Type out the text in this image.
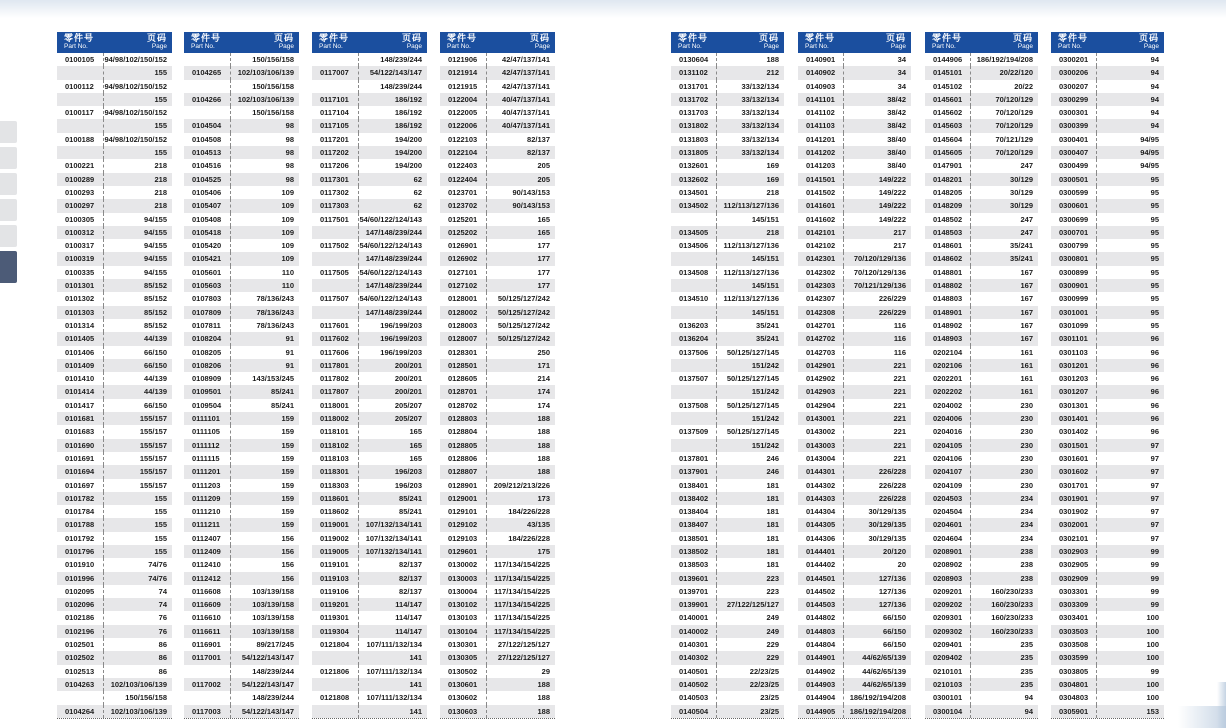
零件号
Part No.
页码
Page
0100105	94/98/102/150/152
155
0100112	94/98/102/150/152
155
0100117	94/98/102/150/152
155
0100188	94/98/102/150/152
155
0100221	218
0100289	218
0100293	218
0100297	218
0100305	94/155
0100312	94/155
0100317	94/155
0100319	94/155
0100335	94/155
0101301	85/152
0101302	85/152
0101303	85/152
0101314	85/152
0101405	44/139
0101406	66/150
0101409	66/150
0101410	44/139
0101414	44/139
0101417	66/150
0101681	155/157
0101683	155/157
0101690	155/157
0101691	155/157
0101694	155/157
0101697	155/157
0101782	155
0101784	155
0101788	155
0101792	155
0101796	155
0101910	74/76
0101996	74/76
0102095	74
0102096	74
0102186	76
0102196	76
0102501	86
0102502	86
0102513	86
0104263	102/103/106/139
150/156/158
0104264	102/103/106/139
零件号
Part No.
页码
Page
150/156/158
0104265	102/103/106/139
150/156/158
0104266	102/103/106/139
150/156/158
0104504	98
0104508	98
0104513	98
0104516	98
0104525	98
0105406	109
0105407	109
0105408	109
0105418	109
0105420	109
0105421	109
0105601	110
0105603	110
0107803	78/136/243
0107809	78/136/243
0107811	78/136/243
0108204	91
0108205	91
0108206	91
0108909	143/153/245
0109501	85/241
0109504	85/241
0111101	159
0111105	159
0111112	159
0111115	159
0111201	159
0111203	159
0111209	159
0111210	159
0111211	159
0112407	156
0112409	156
0112410	156
0112412	156
0116608	103/139/158
0116609	103/139/158
0116610	103/139/158
0116611	103/139/158
0116901	89/217/245
0117001	54/122/143/147
148/239/244
0117002	54/122/143/147
148/239/244
0117003	54/122/143/147
零件号
Part No.
页码
Page
148/239/244
0117007	54/122/143/147
148/239/244
0117101	186/192
0117104	186/192
0117105	186/192
0117201	194/200
0117202	194/200
0117206	194/200
0117301	62
0117302	62
0117303	62
0117501	54/60/122/124/143
147/148/239/244
0117502	54/60/122/124/143
147/148/239/244
0117505	54/60/122/124/143
147/148/239/244
0117507	54/60/122/124/143
147/148/239/244
0117601	196/199/203
0117602	196/199/203
0117606	196/199/203
0117801	200/201
0117802	200/201
0117807	200/201
0118001	205/207
0118002	205/207
0118101	165
0118102	165
0118103	165
0118301	196/203
0118303	196/203
0118601	85/241
0118602	85/241
0119001	107/132/134/141
0119002	107/132/134/141
0119005	107/132/134/141
0119101	82/137
0119103	82/137
0119106	82/137
0119201	114/147
0119301	114/147
0119304	114/147
0121804	107/111/132/134
141
0121806	107/111/132/134
141
0121808	107/111/132/134
141
零件号
Part No.
页码
Page
0121906	42/47/137/141
0121914	42/47/137/141
0121915	42/47/137/141
0122004	40/47/137/141
0122005	40/47/137/141
0122006	40/47/137/141
0122103	82/137
0122104	82/137
0122403	205
0122404	205
0123701	90/143/153
0123702	90/143/153
0125201	165
0125202	165
0126901	177
0126902	177
0127101	177
0127102	177
0128001	50/125/127/242
0128002	50/125/127/242
0128003	50/125/127/242
0128007	50/125/127/242
0128301	250
0128501	171
0128605	214
0128701	174
0128702	174
0128803	188
0128804	188
0128805	188
0128806	188
0128807	188
0128901	209/212/213/226
0129001	173
0129101	184/226/228
0129102	43/135
0129103	184/226/228
0129601	175
0130002	117/134/154/225
0130003	117/134/154/225
0130004	117/134/154/225
0130102	117/134/154/225
0130103	117/134/154/225
0130104	117/134/154/225
0130301	27/122/125/127
0130305	27/122/125/127
0130502	29
0130601	188
0130602	188
0130603	188
零件号
Part No.
页码
Page
0130604	188
0131102	212
0131701	33/132/134
0131702	33/132/134
0131703	33/132/134
0131802	33/132/134
0131803	33/132/134
0131805	33/132/134
0132601	169
0132602	169
0134501	218
0134502	112/113/127/136
145/151
0134505	218
0134506	112/113/127/136
145/151
0134508	112/113/127/136
145/151
0134510	112/113/127/136
145/151
0136203	35/241
0136204	35/241
0137506	50/125/127/145
151/242
0137507	50/125/127/145
151/242
0137508	50/125/127/145
151/242
0137509	50/125/127/145
151/242
0137801	246
0137901	246
0138401	181
0138402	181
0138404	181
0138407	181
0138501	181
0138502	181
0138503	181
0139601	223
0139701	223
0139901	27/122/125/127
0140001	249
0140002	249
0140301	229
0140302	229
0140501	22/23/25
0140502	22/23/25
0140503	23/25
0140504	23/25
零件号
Part No.
页码
Page
0140901	34
0140902	34
0140903	34
0141101	38/42
0141102	38/42
0141103	38/42
0141201	38/40
0141202	38/40
0141203	38/40
0141501	149/222
0141502	149/222
0141601	149/222
0141602	149/222
0142101	217
0142102	217
0142301	70/120/129/136
0142302	70/120/129/136
0142303	70/121/129/136
0142307	226/229
0142308	226/229
0142701	116
0142702	116
0142703	116
0142901	221
0142902	221
0142903	221
0142904	221
0143001	221
0143002	221
0143003	221
0143004	221
0144301	226/228
0144302	226/228
0144303	226/228
0144304	30/129/135
0144305	30/129/135
0144306	30/129/135
0144401	20/120
0144402	20
0144501	127/136
0144502	127/136
0144503	127/136
0144802	66/150
0144803	66/150
0144804	66/150
0144901	44/62/65/139
0144902	44/62/65/139
0144903	44/62/65/139
0144904	186/192/194/208
0144905	186/192/194/208
零件号
Part No.
页码
Page
0144906	186/192/194/208
0145101	20/22/120
0145102	20/22
0145601	70/120/129
0145602	70/120/129
0145603	70/120/129
0145604	70/121/129
0145605	70/120/129
0147901	247
0148201	30/129
0148205	30/129
0148209	30/129
0148502	247
0148503	247
0148601	35/241
0148602	35/241
0148801	167
0148802	167
0148803	167
0148901	167
0148902	167
0148903	167
0202104	161
0202106	161
0202201	161
0202202	161
0204002	230
0204006	230
0204016	230
0204105	230
0204106	230
0204107	230
0204109	230
0204503	234
0204504	234
0204601	234
0204604	234
0208901	238
0208902	238
0208903	238
0209201	160/230/233
0209202	160/230/233
0209301	160/230/233
0209302	160/230/233
0209401	235
0209402	235
0210101	235
0210103	235
0300101	94
0300104	94
零件号
Part No.
页码
Page
0300201	94
0300206	94
0300207	94
0300299	94
0300301	94
0300399	94
0300401	94/95
0300407	94/95
0300499	94/95
0300501	95
0300599	95
0300601	95
0300699	95
0300701	95
0300799	95
0300801	95
0300899	95
0300901	95
0300999	95
0301001	95
0301099	95
0301101	96
0301103	96
0301201	96
0301203	96
0301207	96
0301301	96
0301401	96
0301402	96
0301501	97
0301601	97
0301602	97
0301701	97
0301901	97
0301902	97
0302001	97
0302101	97
0302903	99
0302905	99
0302909	99
0303301	99
0303309	99
0303401	100
0303503	100
0303508	100
0303599	100
0303805	99
0304801	100
0304803	100
0305901	153
